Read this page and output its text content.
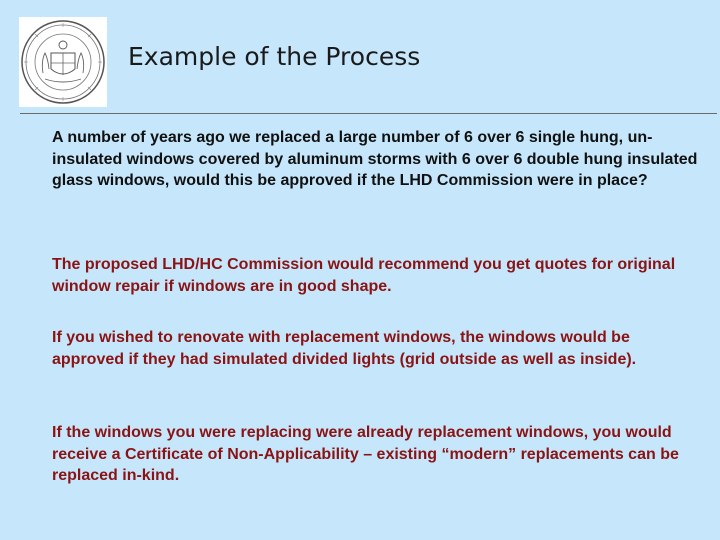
Example of the Process

A number of years ago we replaced a large number of 6 over 6 single hung, un-insulated windows covered by aluminum storms with 6 over 6 double hung insulated glass windows, would this be approved if the LHD Commission were in place?

The proposed LHD/HC Commission would recommend you get quotes for original window repair if windows are in good shape.

If you wished to renovate with replacement windows, the windows would be approved if they had simulated divided lights (grid outside as well as inside).

If the windows you were replacing were already replacement windows, you would receive a Certificate of Non-Applicability – existing “modern” replacements can be replaced in-kind.
